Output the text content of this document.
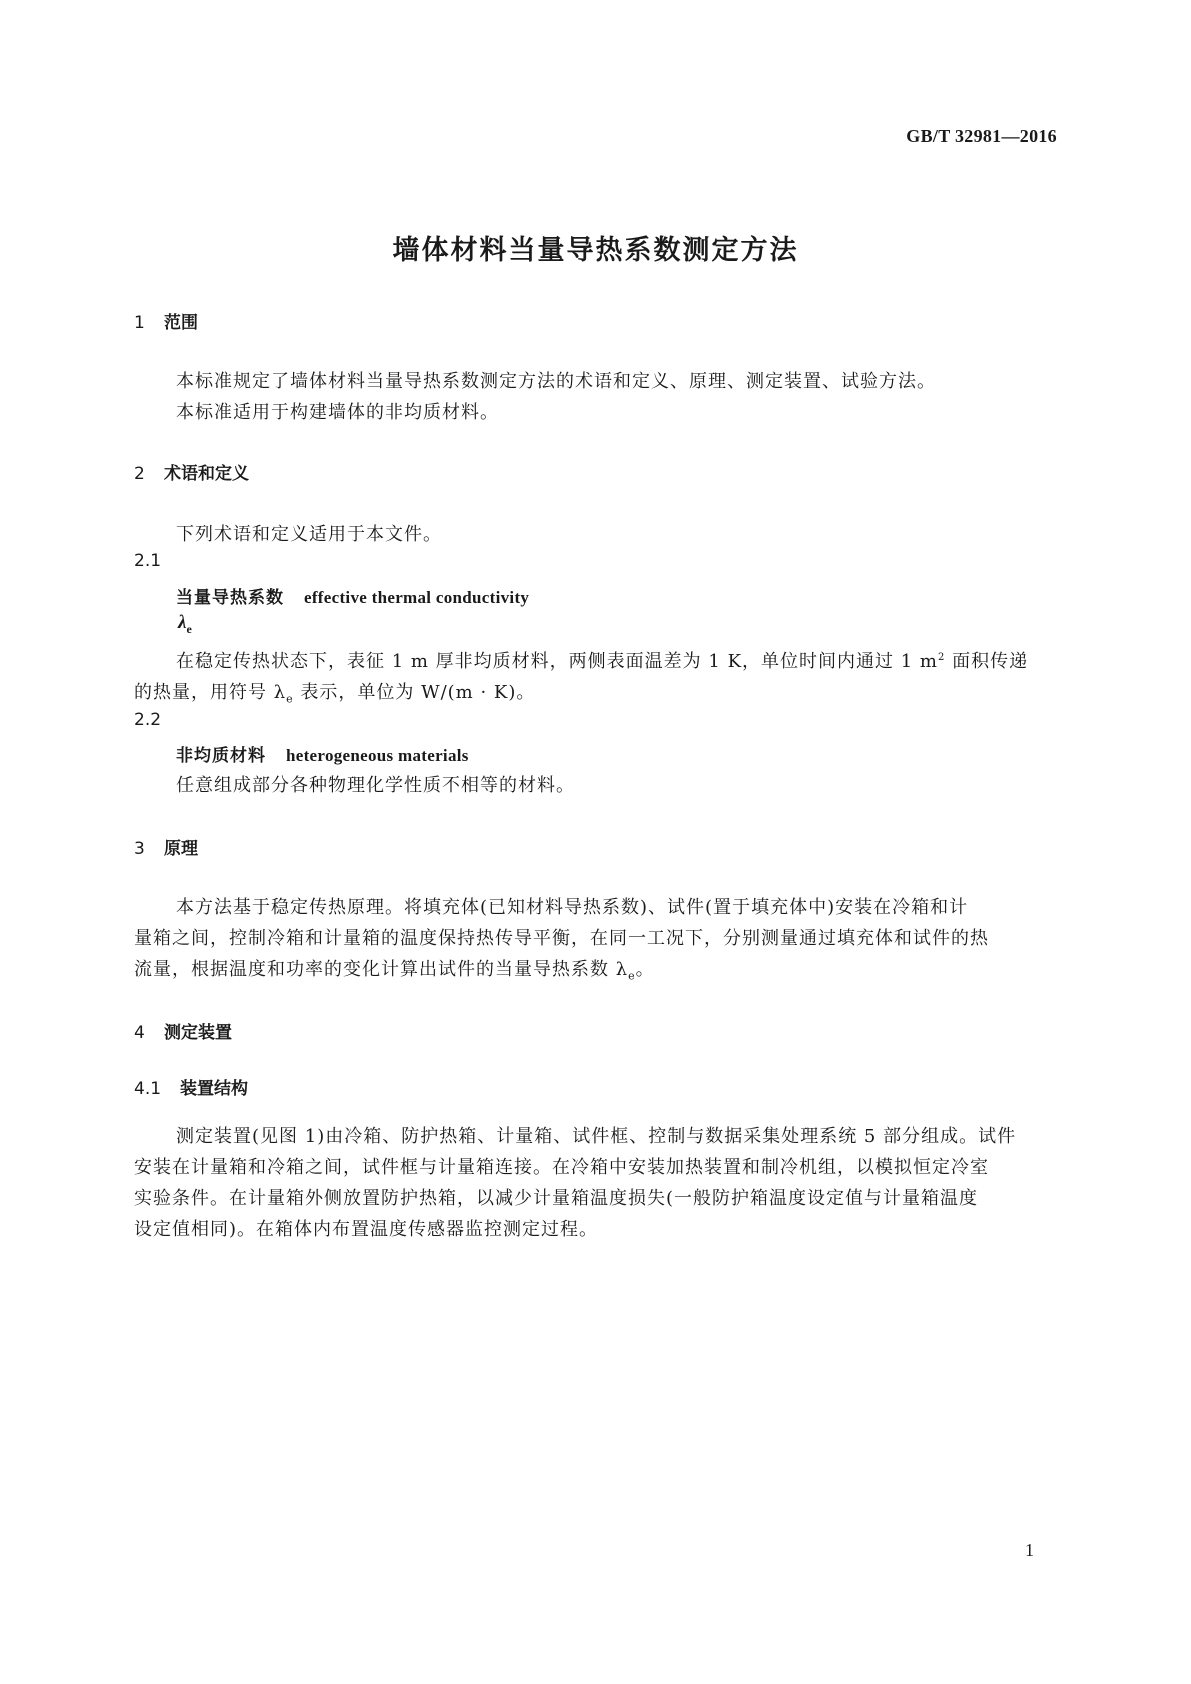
GB/T 32981—2016
墙体材料当量导热系数测定方法
1 范围
本标准规定了墙体材料当量导热系数测定方法的术语和定义、原理、测定装置、试验方法。
本标准适用于构建墙体的非均质材料。
2 术语和定义
下列术语和定义适用于本文件。
2.1
当量导热系数 effective thermal conductivity
$\lambda_e$
在稳定传热状态下，表征 1 m 厚非均质材料，两侧表面温差为 1 K，单位时间内通过 1 $m^2$ 面积传递
的热量，用符号 $\lambda_e$ 表示，单位为 W/(m · K)。
2.2
非均质材料 heterogeneous materials
任意组成部分各种物理化学性质不相等的材料。
3 原理
本方法基于稳定传热原理。将填充体(已知材料导热系数)、试件(置于填充体中)安装在冷箱和计
量箱之间，控制冷箱和计量箱的温度保持热传导平衡，在同一工况下，分别测量通过填充体和试件的热
流量，根据温度和功率的变化计算出试件的当量导热系数 $\lambda_e$。
4 测定装置
4.1 装置结构
测定装置(见图 1)由冷箱、防护热箱、计量箱、试件框、控制与数据采集处理系统 5 部分组成。试件
安装在计量箱和冷箱之间，试件框与计量箱连接。在冷箱中安装加热装置和制冷机组，以模拟恒定冷室
实验条件。在计量箱外侧放置防护热箱，以减少计量箱温度损失(一般防护箱温度设定值与计量箱温度
设定值相同)。在箱体内布置温度传感器监控测定过程。
1
